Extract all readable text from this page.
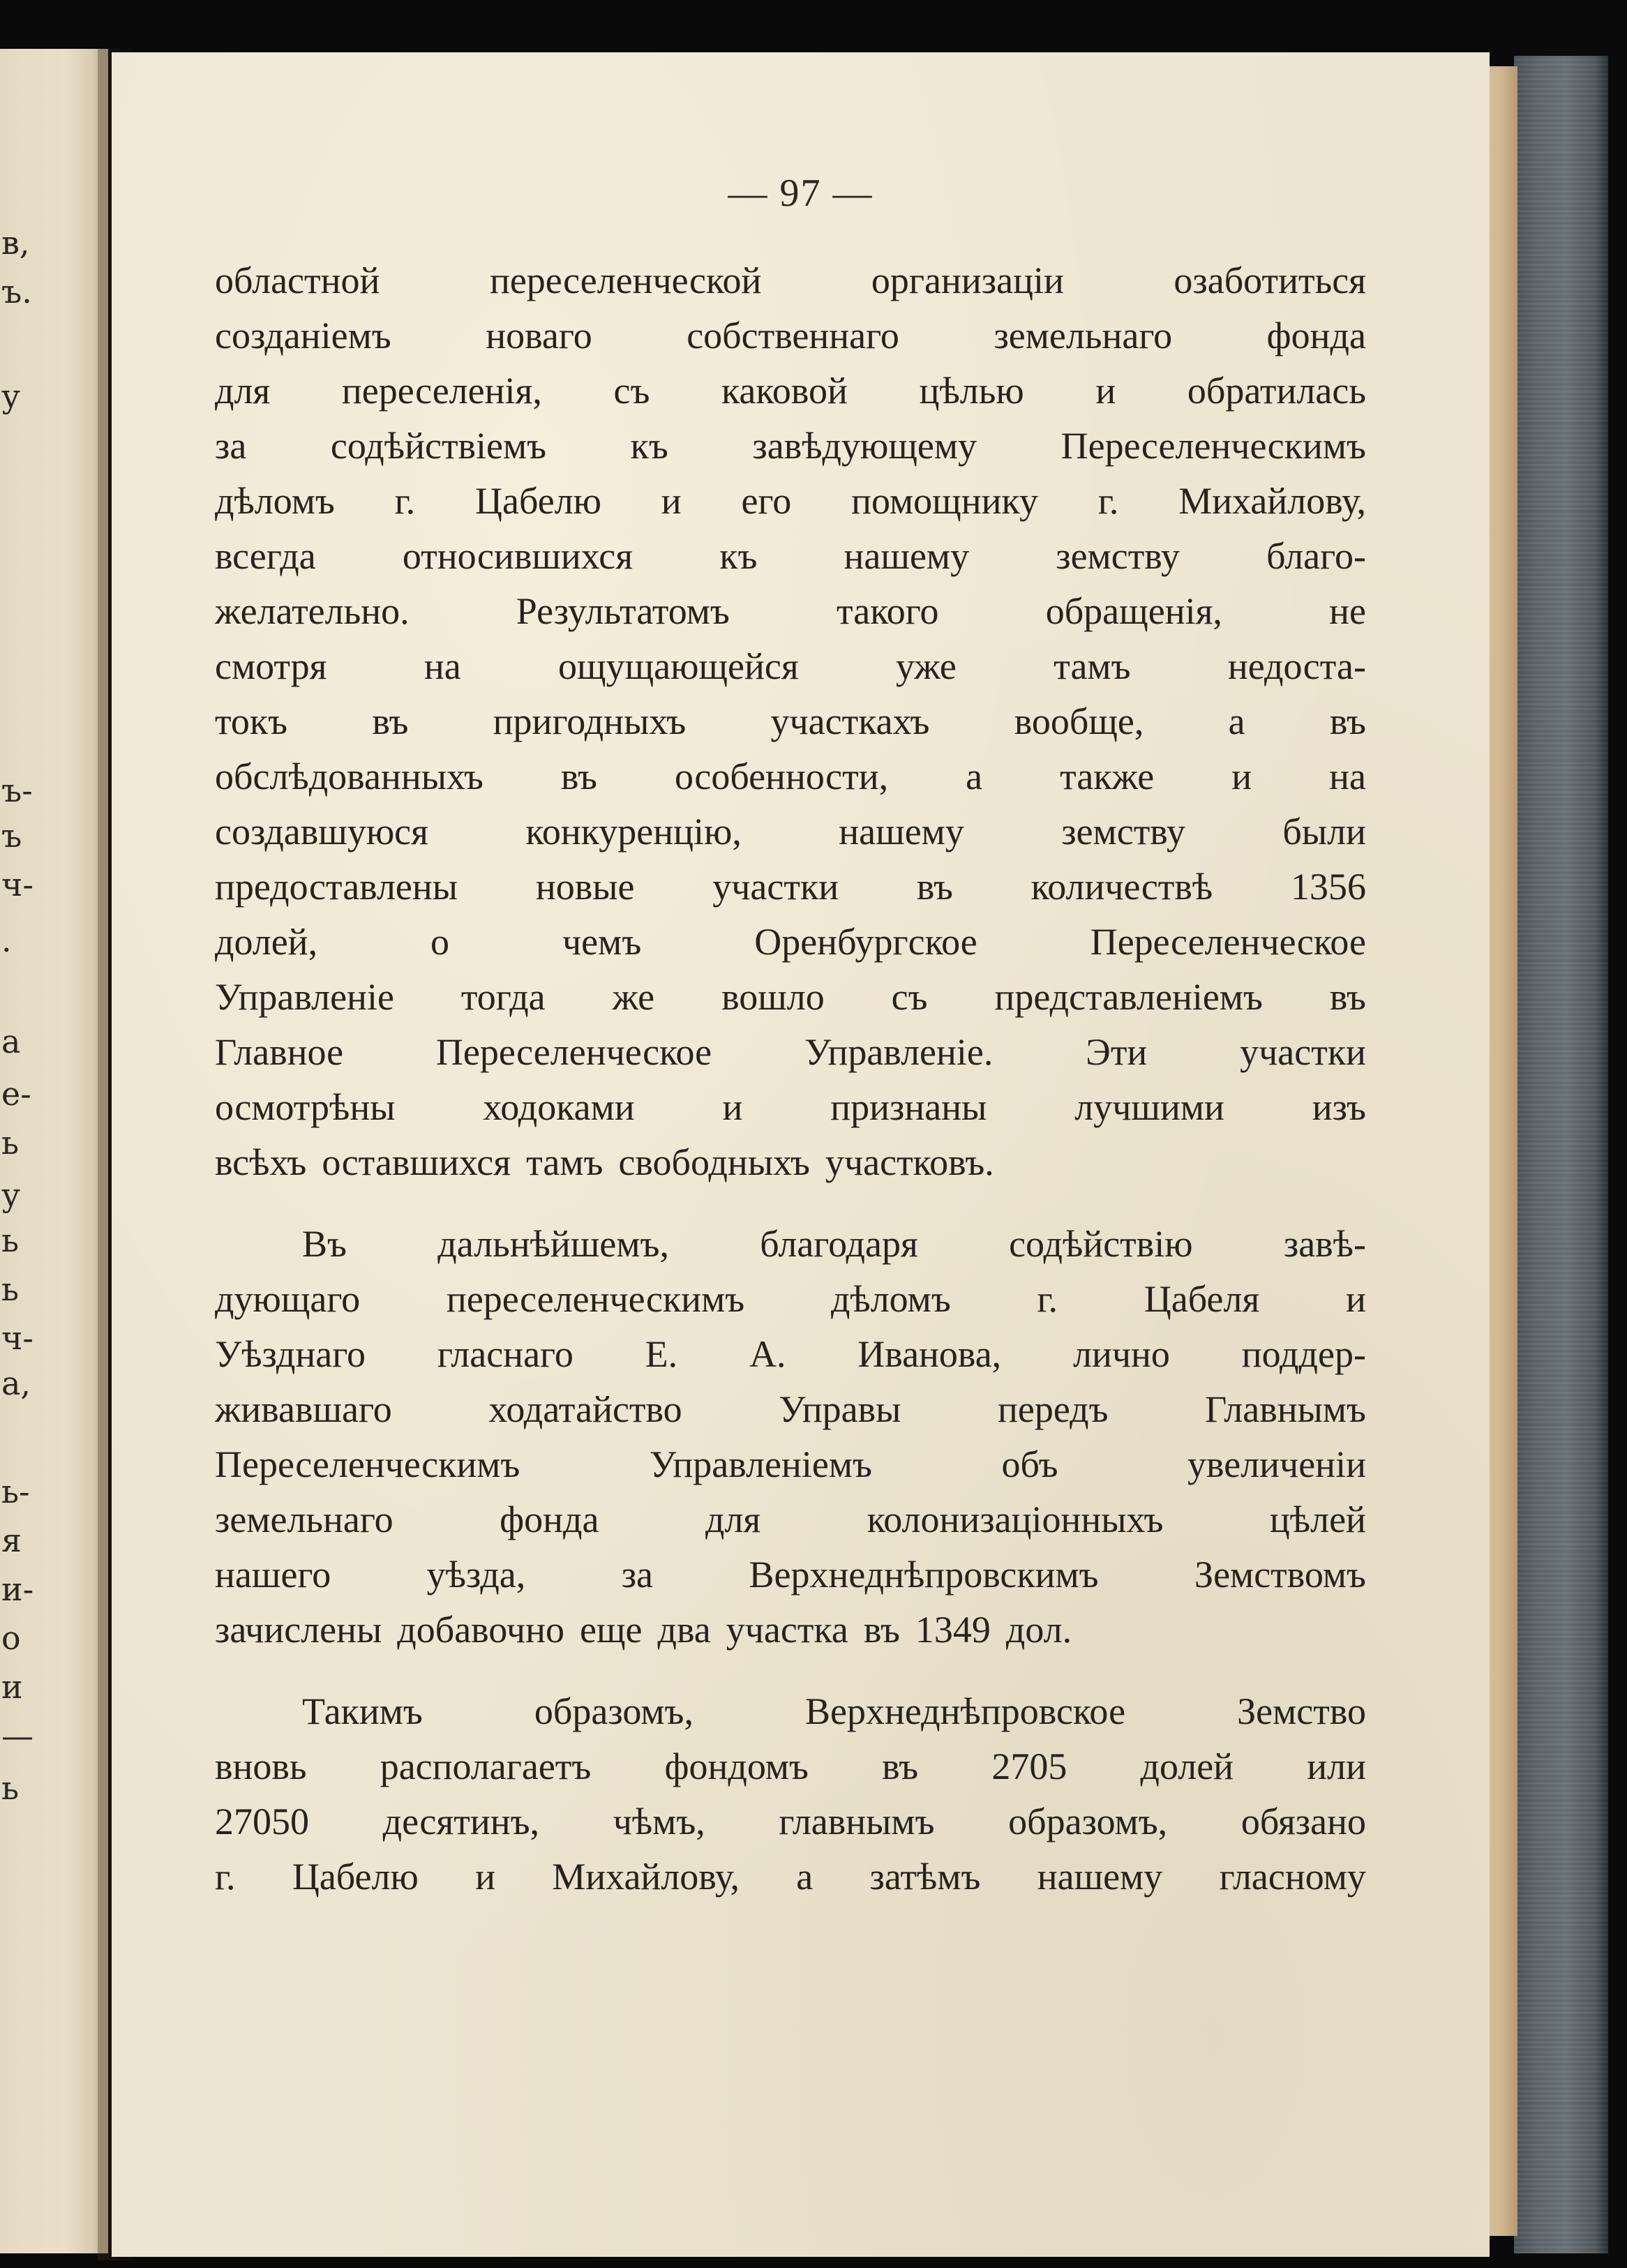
в,
ъ.
у
ъ-
ъ
ч-
.
а
е-
ь
у
ь
ь
ч-
а,
ь-
я
и-
о
и
—
ь
— 97 —
областной	переселенческой	организаціи	озаботиться
созданіемъ	новаго	собственнаго	земельнаго	фонда
для переселенія, съ каковой цѣлью и обратилась
за содѣйствіемъ къ завѣдующему Переселенческимъ
дѣломъ г. Цабелю и его помощнику г. Михайлову,
всегда относившихся къ нашему земству благо-
желательно.	Результатомъ	такого	обращенія,	не
смотря	на	ощущающейся	уже	тамъ	недоста-
токъ въ пригодныхъ участкахъ вообще, а въ
обслѣдованныхъ въ особенности, а также и на
создавшуюся	конкуренцію,	нашему	земству	были
предоставлены новые участки въ количествѣ 1356
долей,	о	чемъ	Оренбургское	Переселенческое
Управленіе тогда же вошло съ представленіемъ въ
Главное Переселенческое Управленіе. Эти участки
осмотрѣны ходоками и признаны лучшими изъ
всѣхъ оставшихся тамъ свободныхъ участковъ.
Въ дальнѣйшемъ, благодаря содѣйствію завѣ-
дующаго переселенческимъ дѣломъ г. Цабеля и
Уѣзднаго гласнаго Е. А. Иванова, лично поддер-
живавшаго	ходатайство	Управы	передъ	Главнымъ
Переселенческимъ	Управленіемъ	объ	увеличеніи
земельнаго	фонда	для	колонизаціонныхъ	цѣлей
нашего	уѣзда,	за	Верхнеднѣпровскимъ	Земствомъ
зачислены добавочно еще два участка въ 1349 дол.
Такимъ	образомъ,	Верхнеднѣпровское	Земство
вновь располагаетъ фондомъ въ 2705 долей или
27050 десятинъ, чѣмъ, главнымъ образомъ, обязано
г. Цабелю и Михайлову, а затѣмъ нашему гласному
